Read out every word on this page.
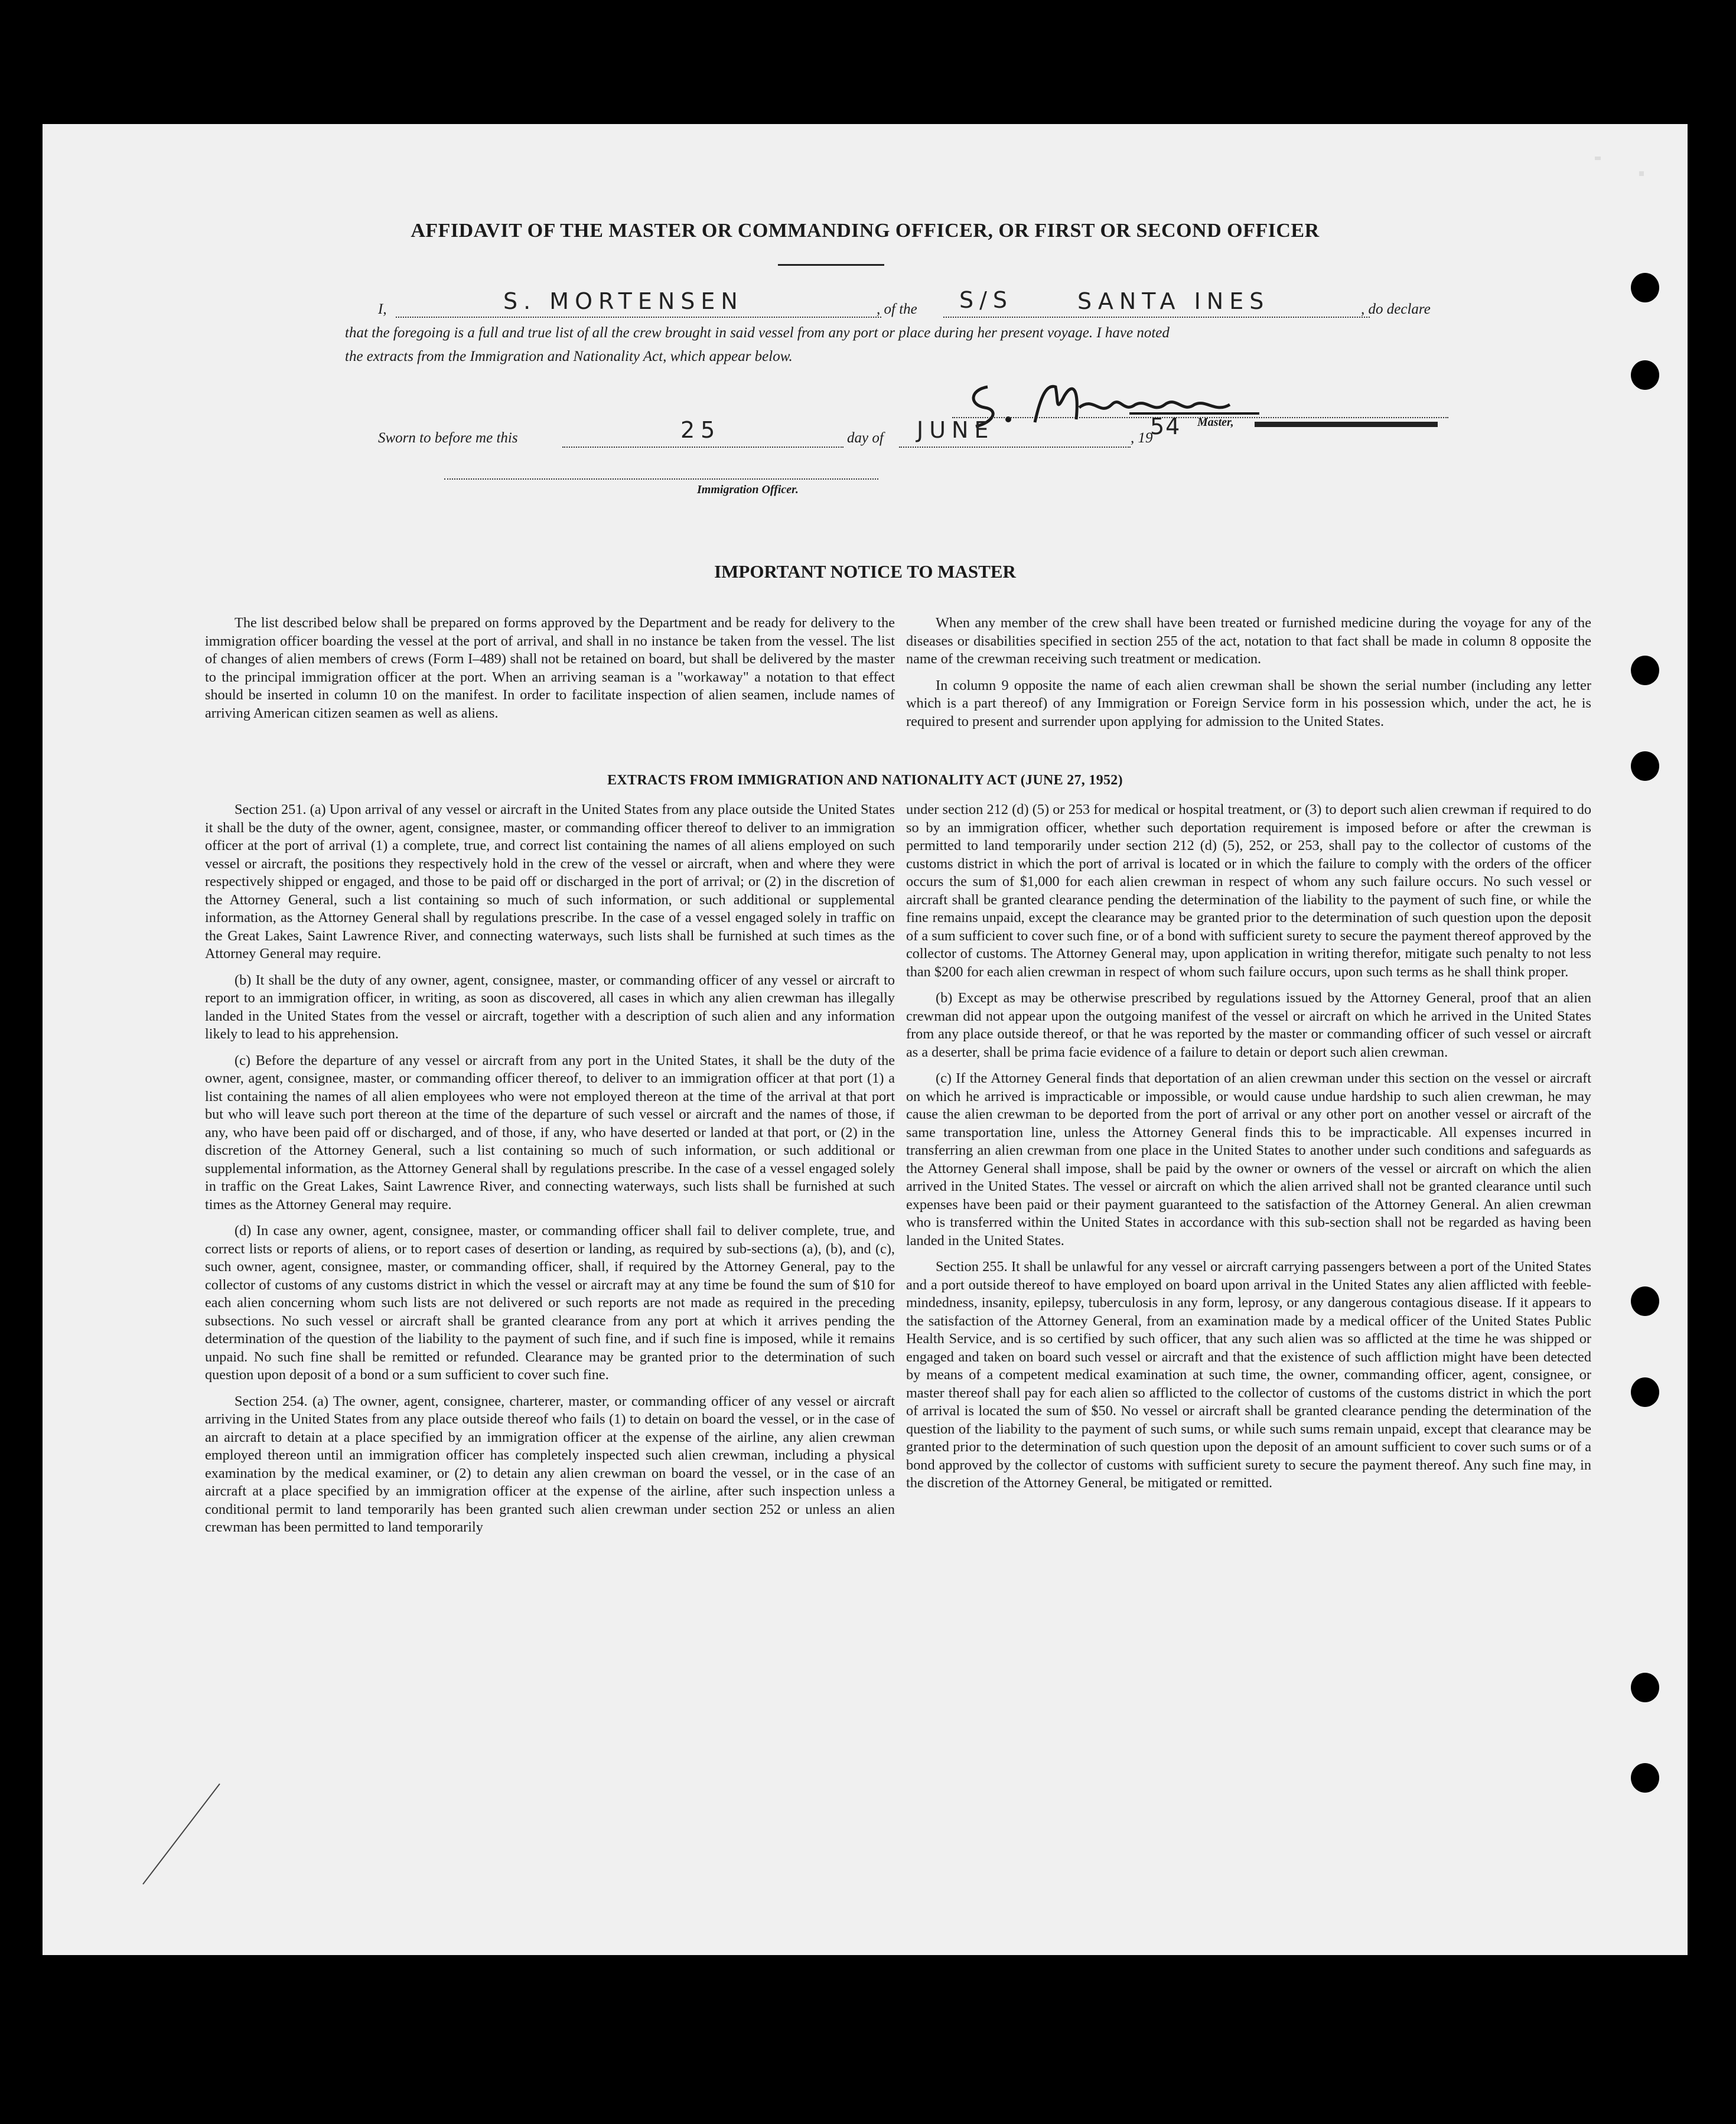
AFFIDAVIT OF THE MASTER OR COMMANDING OFFICER, OR FIRST OR SECOND OFFICER
I,	S. MORTENSEN	, of the S/S	SANTA INES	, do declare
that the foregoing is a full and true list of all the crew brought in said vessel from any port or place during her present voyage. I have noted
the extracts from the Immigration and Nationality Act, which appear below.
Master,
Sworn to before me this	25	day of JUNE	, 19
54
Immigration Officer.
IMPORTANT NOTICE TO MASTER

The list described below shall be prepared on forms approved by the Department and be ready for delivery to the immigration officer boarding the vessel at the port of arrival, and shall in no instance be taken from the vessel. The list of changes of alien members of crews (Form I–489) shall not be retained on board, but shall be delivered by the master to the principal immigration officer at the port. When an arriving seaman is a "workaway" a notation to that effect should be inserted in column 10 on the manifest. In order to facilitate inspection of alien seamen, include names of arriving American citizen seamen as well as aliens.

When any member of the crew shall have been treated or furnished medicine during the voyage for any of the diseases or disabilities specified in section 255 of the act, notation to that fact shall be made in column 8 opposite the name of the crewman receiving such treatment or medication.

In column 9 opposite the name of each alien crewman shall be shown the serial number (including any letter which is a part thereof) of any Immigration or Foreign Service form in his possession which, under the act, he is required to present and surrender upon applying for admission to the United States.

EXTRACTS FROM IMMIGRATION AND NATIONALITY ACT (JUNE 27, 1952)

Section 251. (a) Upon arrival of any vessel or aircraft in the United States from any place outside the United States it shall be the duty of the owner, agent, consignee, master, or commanding officer thereof to deliver to an immigration officer at the port of arrival (1) a complete, true, and correct list containing the names of all aliens employed on such vessel or aircraft, the positions they respectively hold in the crew of the vessel or aircraft, when and where they were respectively shipped or engaged, and those to be paid off or discharged in the port of arrival; or (2) in the discretion of the Attorney General, such a list containing so much of such information, or such additional or supplemental information, as the Attorney General shall by regulations prescribe. In the case of a vessel engaged solely in traffic on the Great Lakes, Saint Lawrence River, and connecting waterways, such lists shall be furnished at such times as the Attorney General may require.

(b) It shall be the duty of any owner, agent, consignee, master, or commanding officer of any vessel or aircraft to report to an immigration officer, in writing, as soon as discovered, all cases in which any alien crewman has illegally landed in the United States from the vessel or aircraft, together with a description of such alien and any information likely to lead to his apprehension.

(c) Before the departure of any vessel or aircraft from any port in the United States, it shall be the duty of the owner, agent, consignee, master, or commanding officer thereof, to deliver to an immigration officer at that port (1) a list containing the names of all alien employees who were not employed thereon at the time of the arrival at that port but who will leave such port thereon at the time of the departure of such vessel or aircraft and the names of those, if any, who have been paid off or discharged, and of those, if any, who have deserted or landed at that port, or (2) in the discretion of the Attorney General, such a list containing so much of such information, or such additional or supplemental information, as the Attorney General shall by regulations prescribe. In the case of a vessel engaged solely in traffic on the Great Lakes, Saint Lawrence River, and connecting waterways, such lists shall be furnished at such times as the Attorney General may require.

(d) In case any owner, agent, consignee, master, or commanding officer shall fail to deliver complete, true, and correct lists or reports of aliens, or to report cases of desertion or landing, as required by sub-sections (a), (b), and (c), such owner, agent, consignee, master, or commanding officer, shall, if required by the Attorney General, pay to the collector of customs of any customs district in which the vessel or aircraft may at any time be found the sum of $10 for each alien concerning whom such lists are not delivered or such reports are not made as required in the preceding subsections. No such vessel or aircraft shall be granted clearance from any port at which it arrives pending the determination of the question of the liability to the payment of such fine, and if such fine is imposed, while it remains unpaid. No such fine shall be remitted or refunded. Clearance may be granted prior to the determination of such question upon deposit of a bond or a sum sufficient to cover such fine.

Section 254. (a) The owner, agent, consignee, charterer, master, or commanding officer of any vessel or aircraft arriving in the United States from any place outside thereof who fails (1) to detain on board the vessel, or in the case of an aircraft to detain at a place specified by an immigration officer at the expense of the airline, any alien crewman employed thereon until an immigration officer has completely inspected such alien crewman, including a physical examination by the medical examiner, or (2) to detain any alien crewman on board the vessel, or in the case of an aircraft at a place specified by an immigration officer at the expense of the airline, after such inspection unless a conditional permit to land temporarily has been granted such alien crewman under section 252 or unless an alien crewman has been permitted to land temporarily

under section 212 (d) (5) or 253 for medical or hospital treatment, or (3) to deport such alien crewman if required to do so by an immigration officer, whether such deportation requirement is imposed before or after the crewman is permitted to land temporarily under section 212 (d) (5), 252, or 253, shall pay to the collector of customs of the customs district in which the port of arrival is located or in which the failure to comply with the orders of the officer occurs the sum of $1,000 for each alien crewman in respect of whom any such failure occurs. No such vessel or aircraft shall be granted clearance pending the determination of the liability to the payment of such fine, or while the fine remains unpaid, except the clearance may be granted prior to the determination of such question upon the deposit of a sum sufficient to cover such fine, or of a bond with sufficient surety to secure the payment thereof approved by the collector of customs. The Attorney General may, upon application in writing therefor, mitigate such penalty to not less than $200 for each alien crewman in respect of whom such failure occurs, upon such terms as he shall think proper.

(b) Except as may be otherwise prescribed by regulations issued by the Attorney General, proof that an alien crewman did not appear upon the outgoing manifest of the vessel or aircraft on which he arrived in the United States from any place outside thereof, or that he was reported by the master or commanding officer of such vessel or aircraft as a deserter, shall be prima facie evidence of a failure to detain or deport such alien crewman.

(c) If the Attorney General finds that deportation of an alien crewman under this section on the vessel or aircraft on which he arrived is impracticable or impossible, or would cause undue hardship to such alien crewman, he may cause the alien crewman to be deported from the port of arrival or any other port on another vessel or aircraft of the same transportation line, unless the Attorney General finds this to be impracticable. All expenses incurred in transferring an alien crewman from one place in the United States to another under such conditions and safeguards as the Attorney General shall impose, shall be paid by the owner or owners of the vessel or aircraft on which the alien arrived in the United States. The vessel or aircraft on which the alien arrived shall not be granted clearance until such expenses have been paid or their payment guaranteed to the satisfaction of the Attorney General. An alien crewman who is transferred within the United States in accordance with this sub-section shall not be regarded as having been landed in the United States.

Section 255. It shall be unlawful for any vessel or aircraft carrying passengers between a port of the United States and a port outside thereof to have employed on board upon arrival in the United States any alien afflicted with feeble-mindedness, insanity, epilepsy, tuberculosis in any form, leprosy, or any dangerous contagious disease. If it appears to the satisfaction of the Attorney General, from an examination made by a medical officer of the United States Public Health Service, and is so certified by such officer, that any such alien was so afflicted at the time he was shipped or engaged and taken on board such vessel or aircraft and that the existence of such affliction might have been detected by means of a competent medical examination at such time, the owner, commanding officer, agent, consignee, or master thereof shall pay for each alien so afflicted to the collector of customs of the customs district in which the port of arrival is located the sum of $50. No vessel or aircraft shall be granted clearance pending the determination of the question of the liability to the payment of such sums, or while such sums remain unpaid, except that clearance may be granted prior to the determination of such question upon the deposit of an amount sufficient to cover such sums or of a bond approved by the collector of customs with sufficient surety to secure the payment thereof. Any such fine may, in the discretion of the Attorney General, be mitigated or remitted.
